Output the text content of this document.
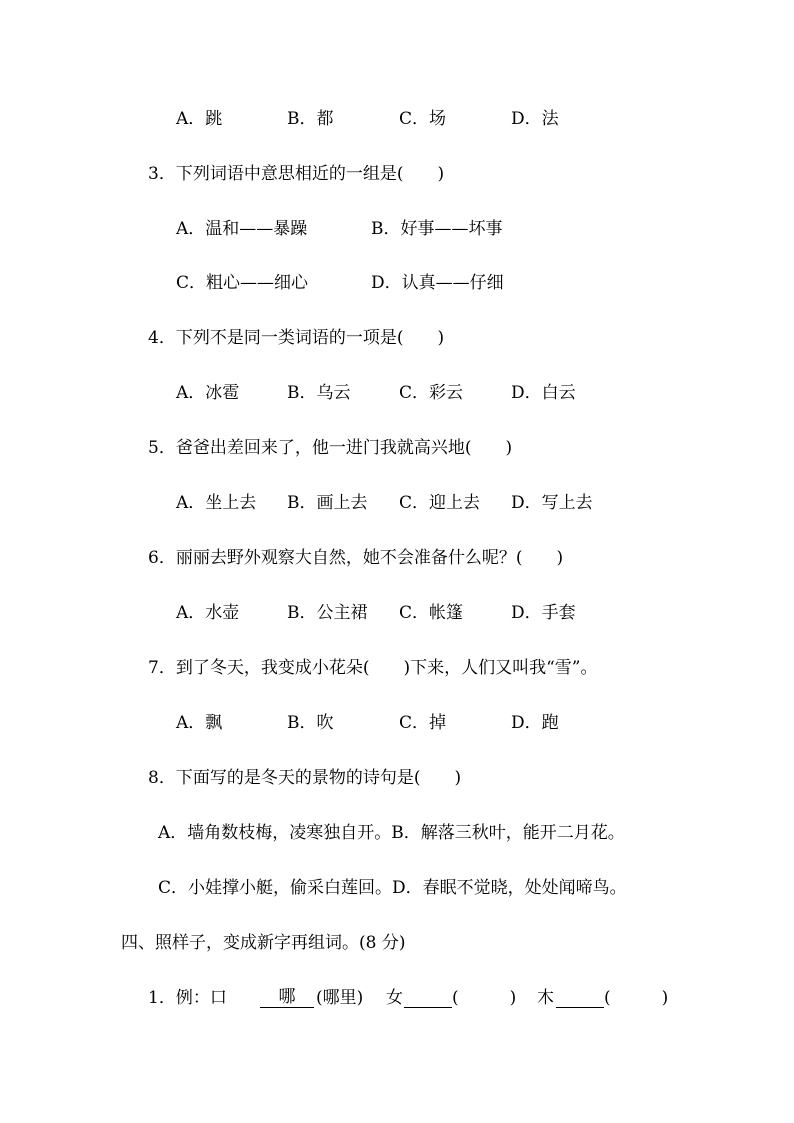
A．跳	B．都	C．场	D．法
3．下列词语中意思相近的一组是(　　)
A．温和——暴躁	B．好事——坏事
C．粗心——细心	D．认真——仔细
4．下列不是同一类词语的一项是(　　)
A．冰雹	B．乌云	C．彩云	D．白云
5．爸爸出差回来了，他一进门我就高兴地(　　)
A．坐上去 B．画上去 C．迎上去 D．写上去
6．丽丽去野外观察大自然，她不会准备什么呢？(　　)
A．水壶	B．公主裙 C．帐篷	D．手套
7．到了冬天，我变成小花朵(　　)下来，人们又叫我“雪”。
A．飘	B．吹	C．掉	D．跑
8．下面写的是冬天的景物的诗句是(　　)
A．墙角数枝梅，凌寒独自开。B．解落三秋叶，能开二月花。
C．小娃撑小艇，偷采白莲回。D．春眠不觉晓，处处闻啼鸟。
四、照样子，变成新字再组词。(8 分)
1．例：口	哪	(哪里) 女
	(　　　) 木
	(　　　)
